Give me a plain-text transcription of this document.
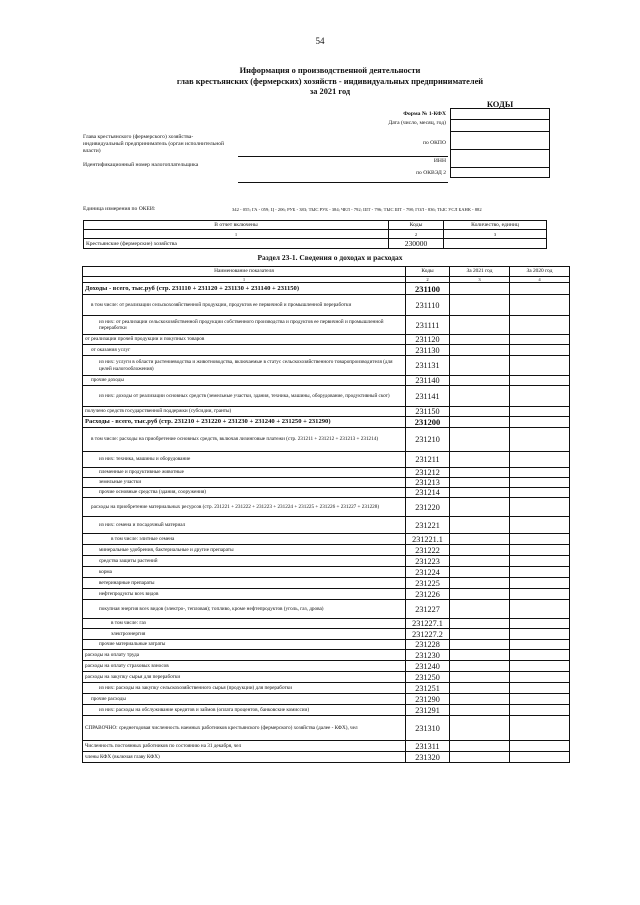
54
Информация о производственной деятельности
глав крестьянских (фермерских) хозяйств - индивидуальных предпринимателей
за 2021 год
КОДЫ
Форма № 1-КФХ
Дата (число, месяц, год)
по ОКПО
ИНН
по ОКВЭД 2
Глава крестьянского (фермерского) хозяйства-индивидуальный предприниматель (орган исполнительной власти)
Идентификационный номер налогоплательщика
Единица измерения по ОКЕИ:	342 - 055; ГА - 059; Ц - 206; РУБ - 383; ТЫС РУБ - 384; ЧЕЛ - 792; ШТ - 796; ТЫС ШТ - 798; ГОЛ - 836; ТЫС УСЛ БАНК - 882
В отчет включены	Коды	Количество, единиц
1	2	3
Крестьянские (фермерские) хозяйства	230000	
Раздел 23-1. Сведения о доходах и расходах
Наименование показателя	Коды	За 2021 год	За 2020 год
1	2	3	4
Доходы - всего, тыс.руб (стр. 231110 + 231120 + 231130 + 231140 + 231150)	231100		
в том числе: от реализации сельскохозяйственной продукции, продуктов ее первичной и промышленной переработки	231110		
из них: от реализации сельскохозяйственной продукции собственного производства и продуктов ее первичной и промышленной переработки	231111		
от реализации прочей продукции и покупных товаров	231120		
от оказания услуг	231130		
из них: услуги в области растениеводства и животноводства, включаемые в статус сельскохозяйственного товаропроизводителя (для целей налогообложения)	231131		
прочие доходы	231140		
из них: доходы от реализации основных средств (земельные участки, здания, техника, машины, оборудование, продуктивный скот)	231141		
получено средств государственной поддержки (субсидии, гранты)	231150		
Расходы - всего, тыс.руб (стр. 231210 + 231220 + 231230 + 231240 + 231250 + 231290)	231200		
в том числе: расходы на приобретение основных средств, включая лизинговые платежи (стр. 231211 + 231212 + 231213 + 231214)	231210		
из них: техника, машины и оборудование	231211		
племенные и продуктивные животные	231212		
земельные участки	231213		
прочие основные средства (здания, сооружения)	231214		
расходы на приобретение материальных ресурсов (стр. 231221 + 231222 + 231223 + 231224 + 231225 + 231226 + 231227 + 231228)	231220		
из них: семена и посадочный материал	231221		
в том числе: элитные семена	231221.1		
минеральные удобрения, бактериальные и другие препараты	231222		
средства защиты растений	231223		
корма	231224		
ветеринарные препараты	231225		
нефтепродукты всех видов	231226		
покупная энергия всех видов (электро-, тепловая); топливо, кроме нефтепродуктов (уголь, газ, дрова)	231227		
в том числе: газ	231227.1		
электроэнергия	231227.2		
прочие материальные затраты	231228		
расходы на оплату труда	231230		
расходы на оплату страховых взносов	231240		
расходы на закупку сырья для переработки	231250		
из них: расходы на закупку сельскохозяйственного сырья (продукции) для переработки	231251		
прочие расходы	231290		
из них: расходы на обслуживание кредитов и займов (оплата процентов, банковские комиссии)	231291		
СПРАВОЧНО: среднегодовая численность наемных работников крестьянского (фермерского) хозяйства (далее - КФХ), чел	231310		
Численность постоянных работников по состоянию на 31 декабря, чел	231311		
члены КФХ (включая главу КФХ)	231320		
